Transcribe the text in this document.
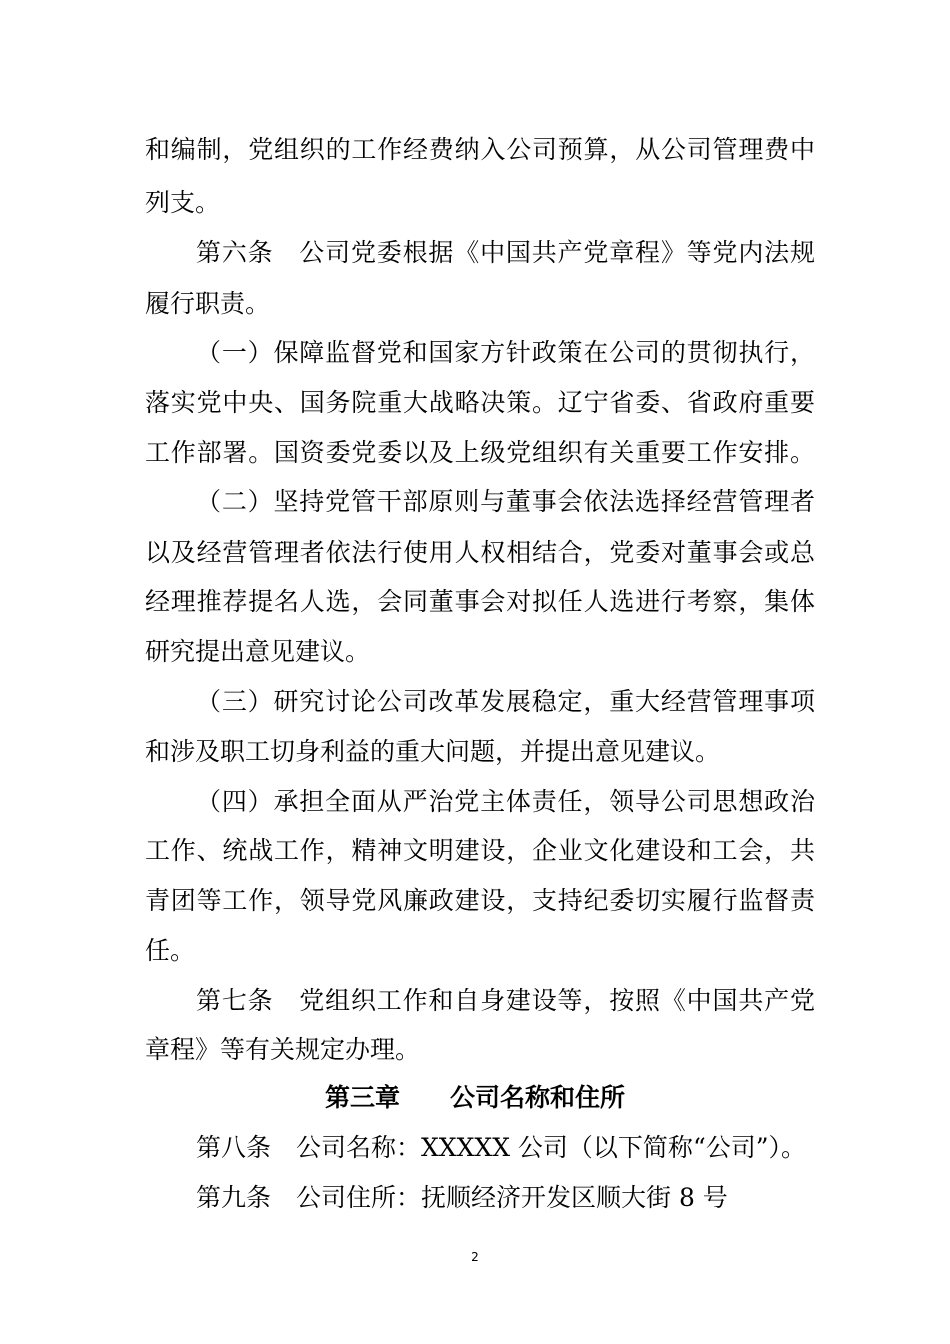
和编制，党组织的工作经费纳入公司预算，从公司管理费中
列支。
第六条　公司党委根据《中国共产党章程》等党内法规
履行职责。
（一）保障监督党和国家方针政策在公司的贯彻执行，
落实党中央、国务院重大战略决策。辽宁省委、省政府重要
工作部署。国资委党委以及上级党组织有关重要工作安排。
（二）坚持党管干部原则与董事会依法选择经营管理者
以及经营管理者依法行使用人权相结合，党委对董事会或总
经理推荐提名人选，会同董事会对拟任人选进行考察，集体
研究提出意见建议。
（三）研究讨论公司改革发展稳定，重大经营管理事项
和涉及职工切身利益的重大问题，并提出意见建议。
（四）承担全面从严治党主体责任，领导公司思想政治
工作、统战工作，精神文明建设，企业文化建设和工会，共
青团等工作，领导党风廉政建设，支持纪委切实履行监督责
任。
第七条　党组织工作和自身建设等，按照《中国共产党
章程》等有关规定办理。
第三章　　公司名称和住所
第八条　公司名称：XXXXX 公司（以下简称“公司”）。
第九条　公司住所：抚顺经济开发区顺大街 8 号
2
